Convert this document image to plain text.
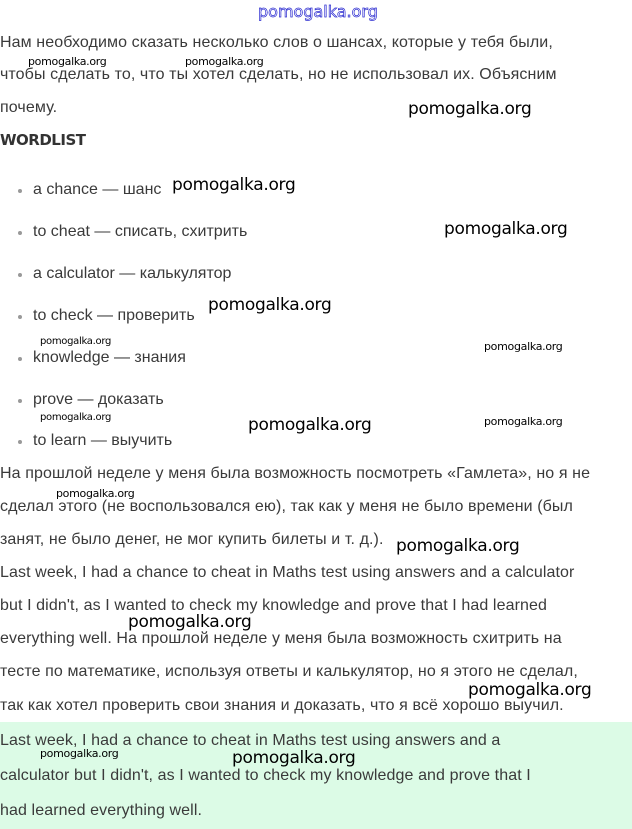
Нам необходимо сказать несколько слов о шансах, которые у тебя были,
чтобы сделать то, что ты хотел сделать, но не использовал их. Объясним
почему.
WORDLIST
a chance — шанс
to cheat — списать, схитрить
a calculator — калькулятор
to check — проверить
knowledge — знания
prove — доказать
to learn — выучить
На прошлой неделе у меня была возможность посмотреть «Гамлета», но я не
сделал этого (не воспользовался ею), так как у меня не было времени (был
занят, не было денег, не мог купить билеты и т. д.).
Last week, I had a chance to cheat in Maths test using answers and a calculator
but I didn't, as I wanted to check my knowledge and prove that I had learned
everything well. На прошлой неделе у меня была возможность схитрить на
тесте по математике, используя ответы и калькулятор, но я этого не сделал,
так как хотел проверить свои знания и доказать, что я всё хорошо выучил.
Last week, I had a chance to cheat in Maths test using answers and a
calculator but I didn't, as I wanted to check my knowledge and prove that I
had learned everything well.
pomogalka.org
pomogalka.org	pomogalka.org
pomogalka.org
pomogalka.org
pomogalka.org
pomogalka.org
pomogalka.org	pomogalka.org
pomogalka.org	pomogalka.org	pomogalka.org
pomogalka.org
pomogalka.org
pomogalka.org
pomogalka.org
pomogalka.org	pomogalka.org
